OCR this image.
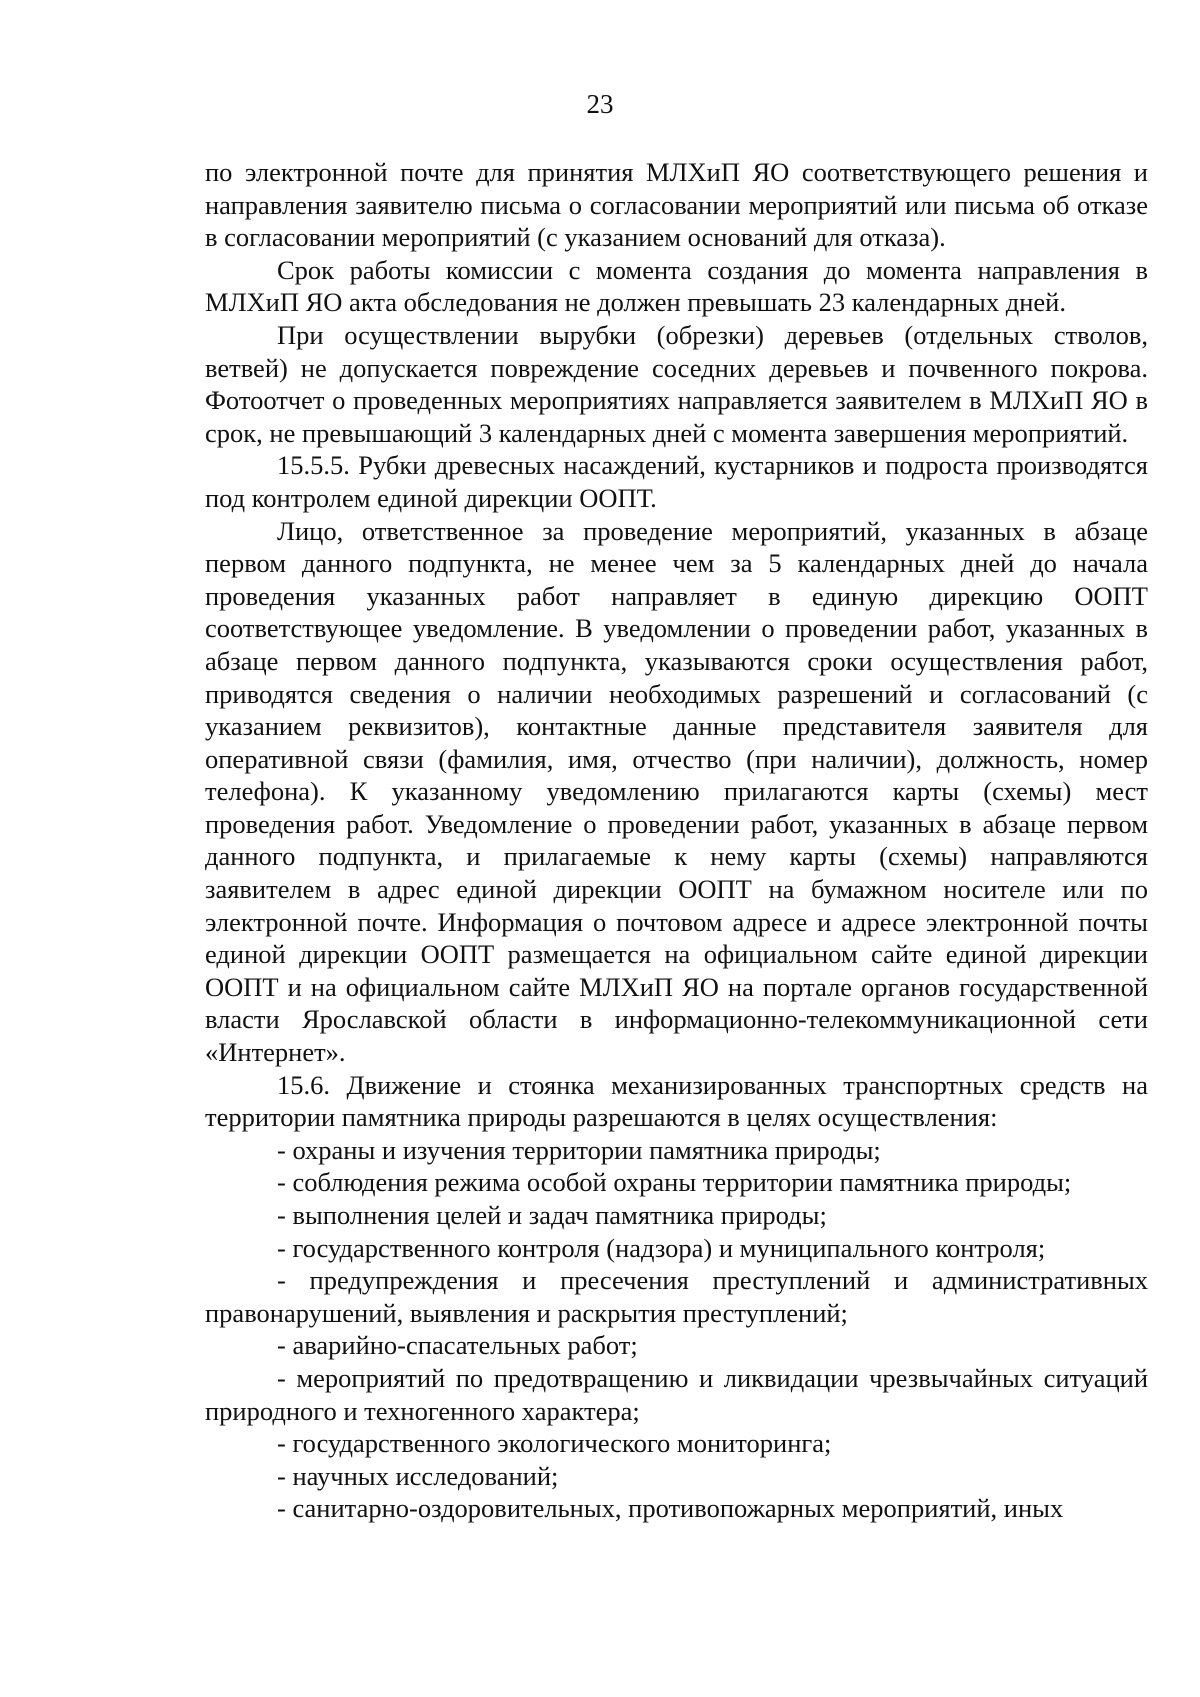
23

по электронной почте для принятия МЛХиП ЯО соответствующего решения и направления заявителю письма о согласовании мероприятий или письма об отказе в согласовании мероприятий (с указанием оснований для отказа).

Срок работы комиссии с момента создания до момента направления в МЛХиП ЯО акта обследования не должен превышать 23 календарных дней.

При осуществлении вырубки (обрезки) деревьев (отдельных стволов, ветвей) не допускается повреждение соседних деревьев и почвенного покрова. Фотоотчет о проведенных мероприятиях направляется заявителем в МЛХиП ЯО в срок, не превышающий 3 календарных дней с момента завершения мероприятий.

15.5.5. Рубки древесных насаждений, кустарников и подроста производятся под контролем единой дирекции ООПТ.

Лицо, ответственное за проведение мероприятий, указанных в абзаце первом данного подпункта, не менее чем за 5 календарных дней до начала проведения указанных работ направляет в единую дирекцию ООПТ соответствующее уведомление. В уведомлении о проведении работ, указанных в абзаце первом данного подпункта, указываются сроки осуществления работ, приводятся сведения о наличии необходимых разрешений и согласований (с указанием реквизитов), контактные данные представителя заявителя для оперативной связи (фамилия, имя, отчество (при наличии), должность, номер телефона). К указанному уведомлению прилагаются карты (схемы) мест проведения работ. Уведомление о проведении работ, указанных в абзаце первом данного подпункта, и прилагаемые к нему карты (схемы) направляются заявителем в адрес единой дирекции ООПТ на бумажном носителе или по электронной почте. Информация о почтовом адресе и адресе электронной почты единой дирекции ООПТ размещается на официальном сайте единой дирекции ООПТ и на официальном сайте МЛХиП ЯО на портале органов государственной власти Ярославской области в информационно-телекоммуникационной сети «Интернет».

15.6. Движение и стоянка механизированных транспортных средств на территории памятника природы разрешаются в целях осуществления:

- охраны и изучения территории памятника природы;

- соблюдения режима особой охраны территории памятника природы;

- выполнения целей и задач памятника природы;

- государственного контроля (надзора) и муниципального контроля;

- предупреждения и пресечения преступлений и административных правонарушений, выявления и раскрытия преступлений;

- аварийно-спасательных работ;

- мероприятий по предотвращению и ликвидации чрезвычайных ситуаций природного и техногенного характера;

- государственного экологического мониторинга;

- научных исследований;

- санитарно-оздоровительных, противопожарных мероприятий, иных
